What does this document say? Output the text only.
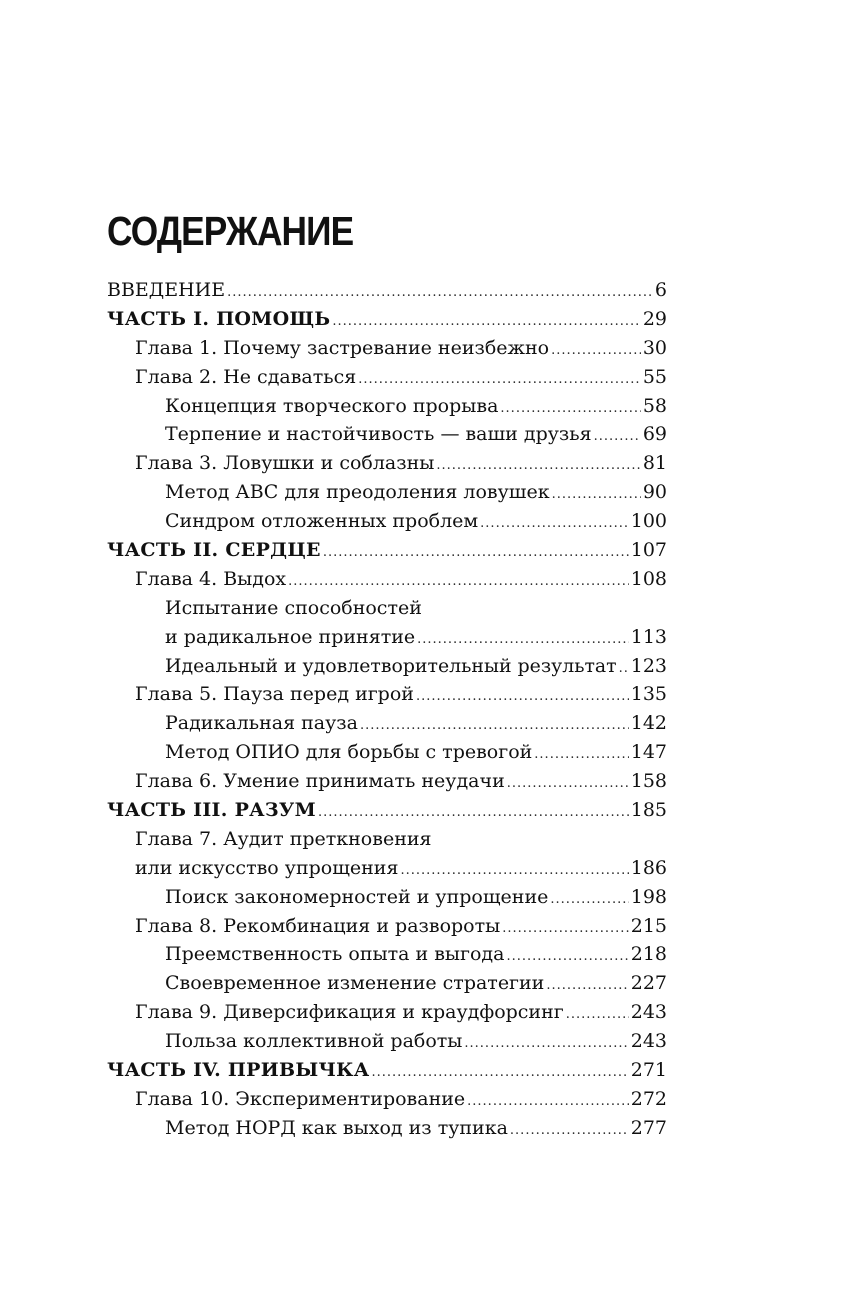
СОДЕРЖАНИЕ
ВВЕДЕНИЕ .....	6
ЧАСТЬ I. ПОМОЩЬ .....	29
Глава 1. Почему застревание неизбежно .....	30
Глава 2. Не сдаваться .....	55
Концепция творческого прорыва .....	58
Терпение и настойчивость — ваши друзья .....	69
Глава 3. Ловушки и соблазны .....	81
Метод АВС для преодоления ловушек .....	90
Синдром отложенных проблем .....	100
ЧАСТЬ II. СЕРДЦЕ .....	107
Глава 4. Выдох .....	108
Испытание способностей
и радикальное принятие .....	113
Идеальный и удовлетворительный результат ..... 123
Глава 5. Пауза перед игрой .....	135
Радикальная пауза .....	142
Метод ОПИО для борьбы с тревогой .....	147
Глава 6. Умение принимать неудачи .....	158
ЧАСТЬ III. РАЗУМ .....	185
Глава 7. Аудит преткновения
или искусство упрощения .....	186
Поиск закономерностей и упрощение .....	198
Глава 8. Рекомбинация и развороты .....	215
Преемственность опыта и выгода .....	218
Своевременное изменение стратегии .....	227
Глава 9. Диверсификация и краудфорсинг .....	243
Польза коллективной работы .....	243
ЧАСТЬ IV. ПРИВЫЧКА .....	271
Глава 10. Экспериментирование .....	272
Метод НОРД как выход из тупика .....	277
